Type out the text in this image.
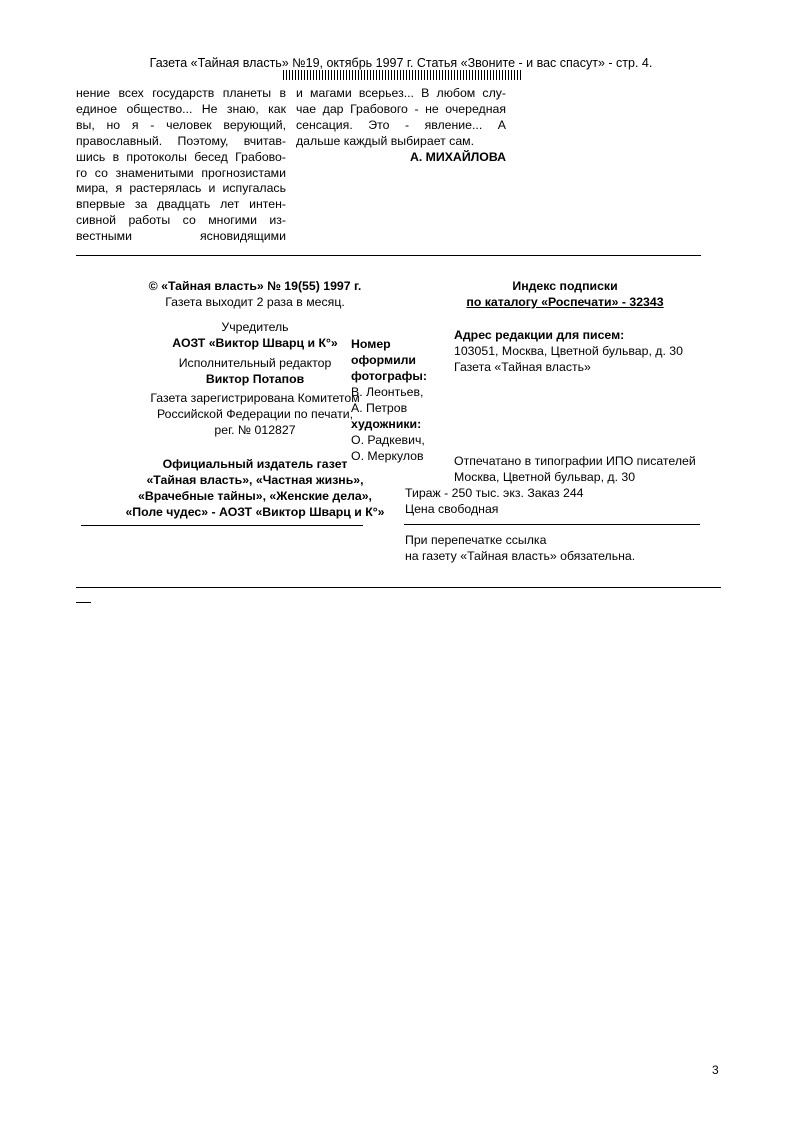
Газета «Тайная власть» №19, октябрь 1997 г. Статья «Звоните - и вас спасут» - стр. 4.
нение всех государств планеты в
единое общество... Не знаю, как
вы, но я - человек верующий,
православный. Поэтому, вчитав-
шись в протоколы бесед Грабово-
го со знаменитыми прогнозистами
мира, я растерялась и испугалась
впервые за двадцать лет интен-
сивной работы со многими из-
вестными ясновидящими
и магами всерьез... В любом слу-
чае дар Грабового - не очередная
сенсация. Это - явление... А
дальше каждый выбирает сам.
А. МИХАЙЛОВА
© «Тайная власть» № 19(55) 1997 г.
Газета выходит 2 раза в месяц.
Учредитель
АОЗТ «Виктор Шварц и К°»
Исполнительный редактор
Виктор Потапов
Газета зарегистрирована Комитетом
Российской Федерации по печати,
рег. № 012827
Официальный издатель газет
«Тайная власть», «Частная жизнь»,
«Врачебные тайны», «Женские дела»,
«Поле чудес» - АОЗТ «Виктор Шварц и К°»
Номер
оформили
фотографы:
В. Леонтьев,
А. Петров
художники:
О. Радкевич,
О. Меркулов
Индекс подписки
по каталогу «Роспечати» - 32343
Адрес редакции для писем:
103051, Москва, Цветной бульвар, д. 30
Газета «Тайная власть»
Отпечатано в типографии ИПО писателей
Москва, Цветной бульвар, д. 30
Тираж - 250 тыс. экз. Заказ 244
Цена свободная
При перепечатке ссылка
на газету «Тайная власть» обязательна.
3
